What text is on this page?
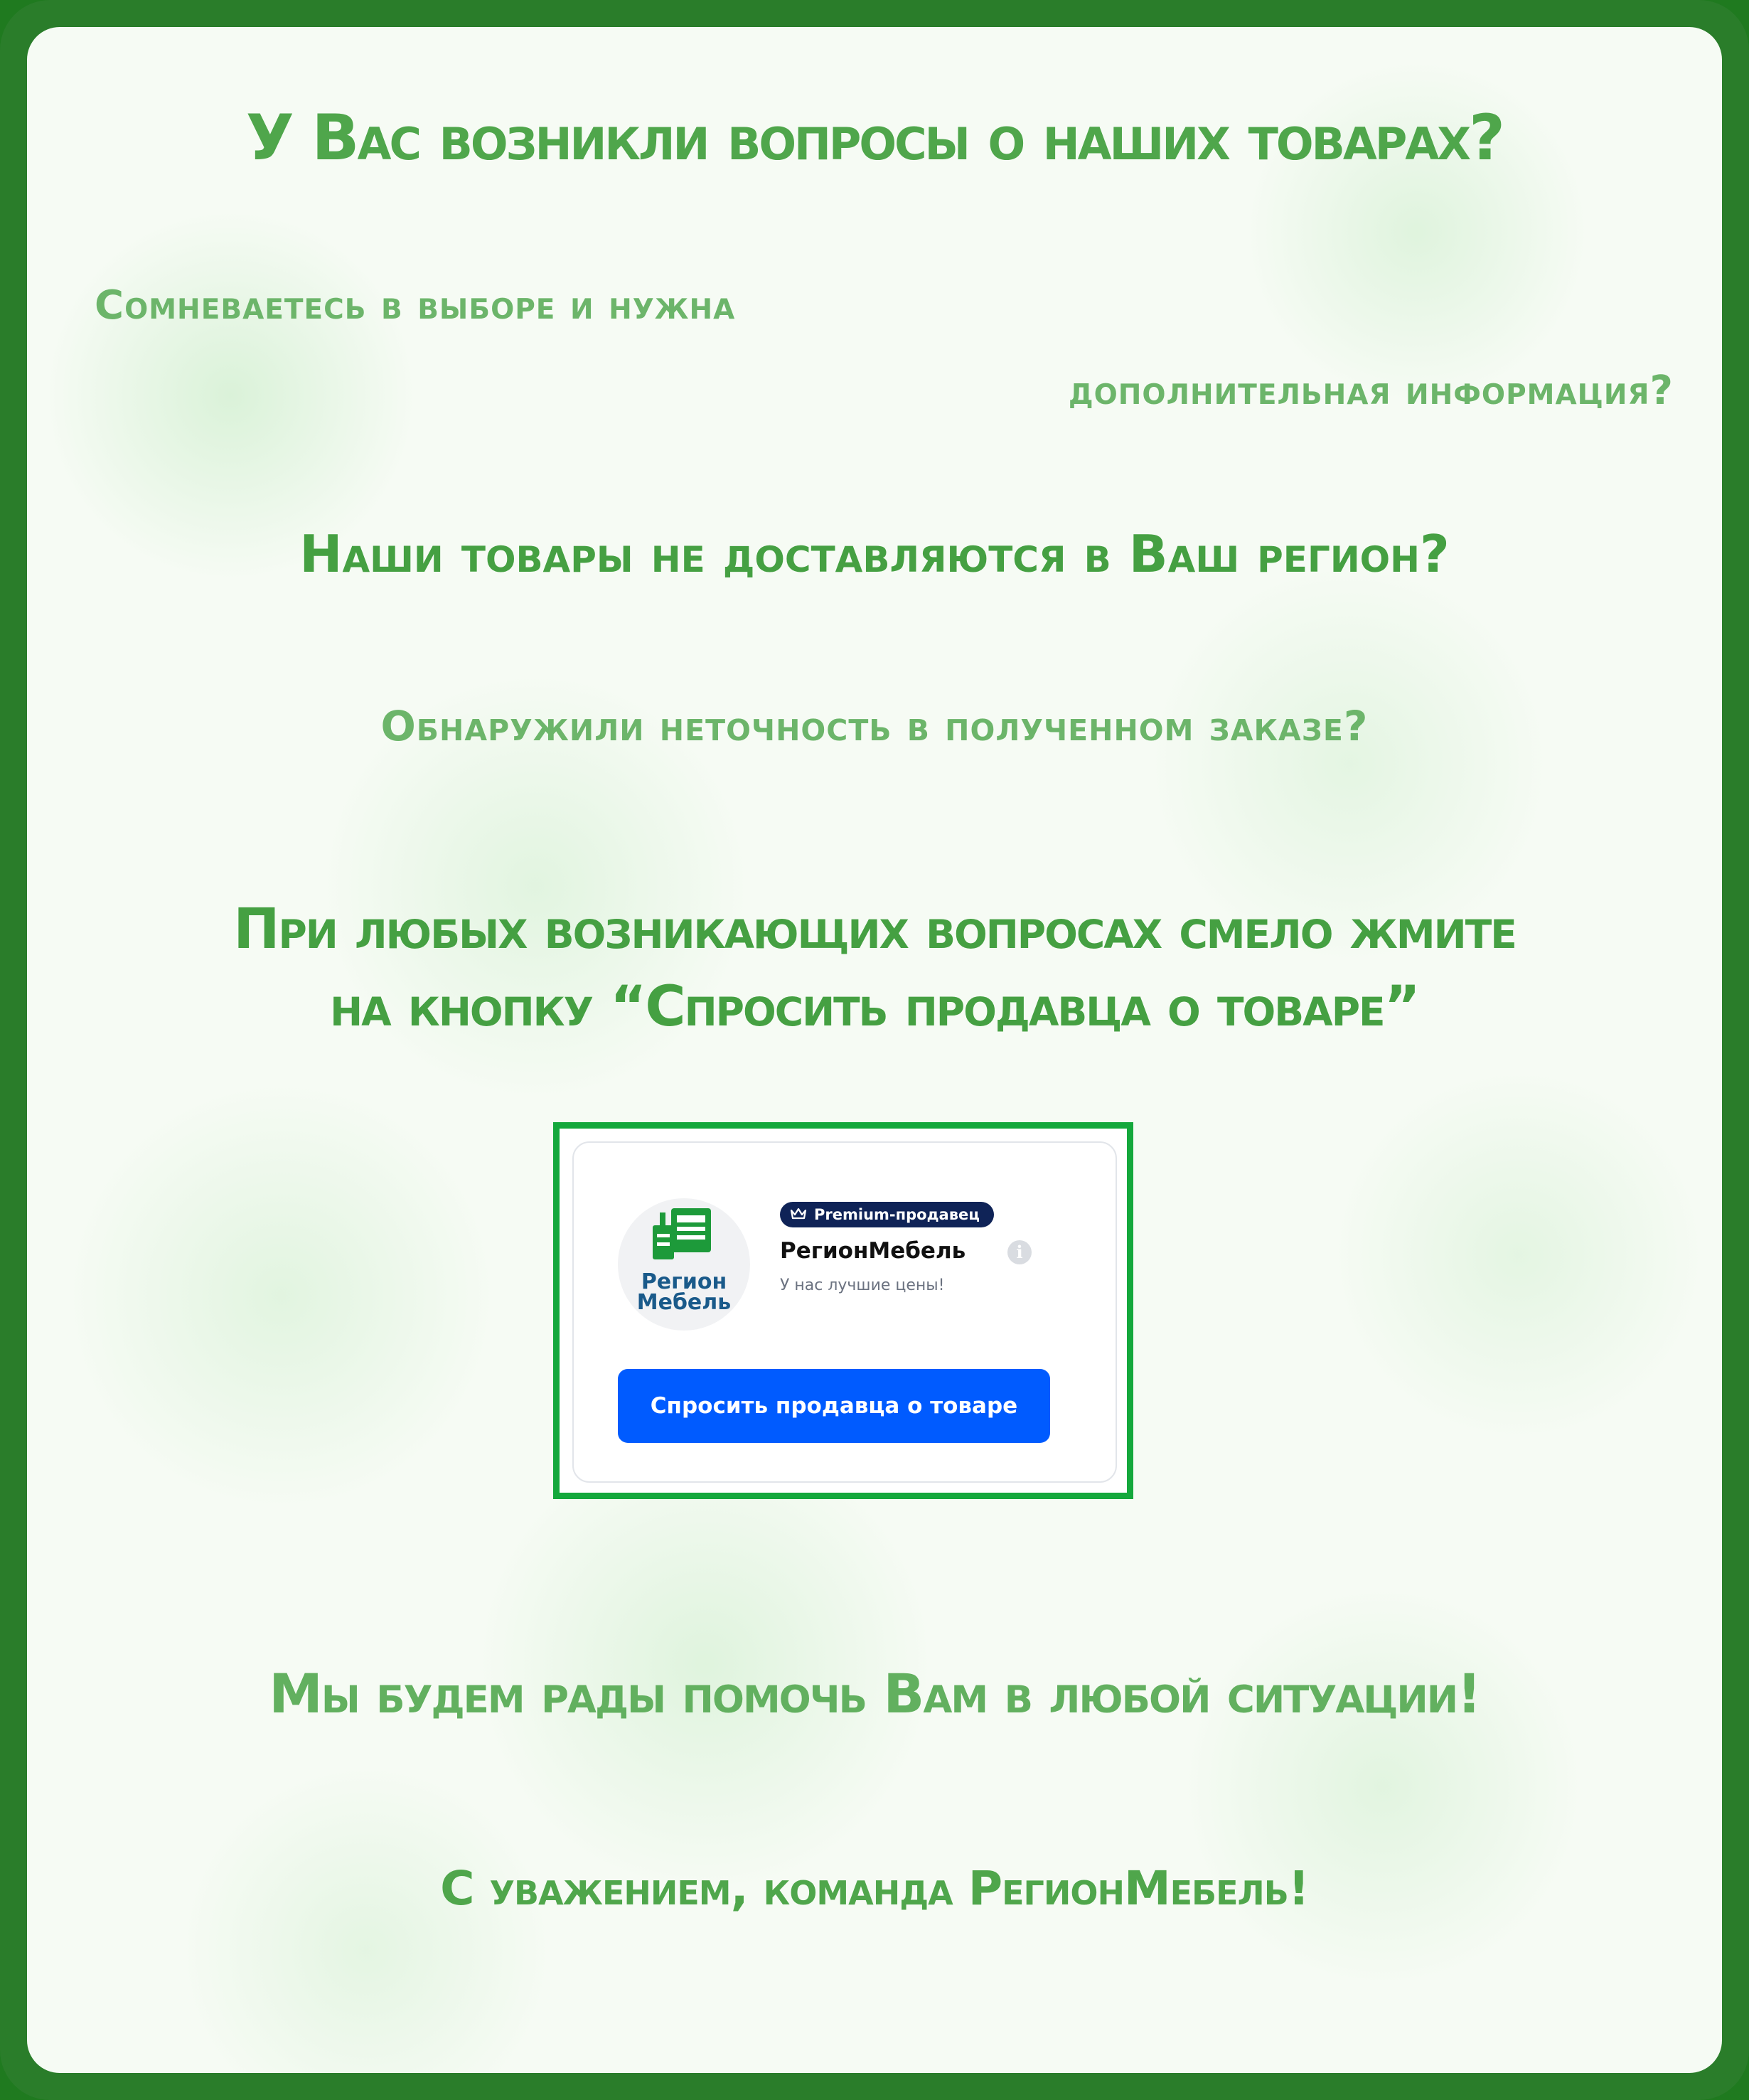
У Вас возникли вопросы о наших товарах?

Сомневаетесь в выборе и нужна

дополнительная информация?

Наши товары не доставляются в Ваш регион?

Обнаружили неточность в полученном заказе?

При любых возникающих вопросах смело жмите
на кнопку “Спросить продавца о товаре”

Регион
Мебель
Premium-продавец
РегионМебель	i
У нас лучшие цены!
Спросить продавца о товаре

Мы будем рады помочь Вам в любой ситуации!

С уважением, команда РегионМебель!
